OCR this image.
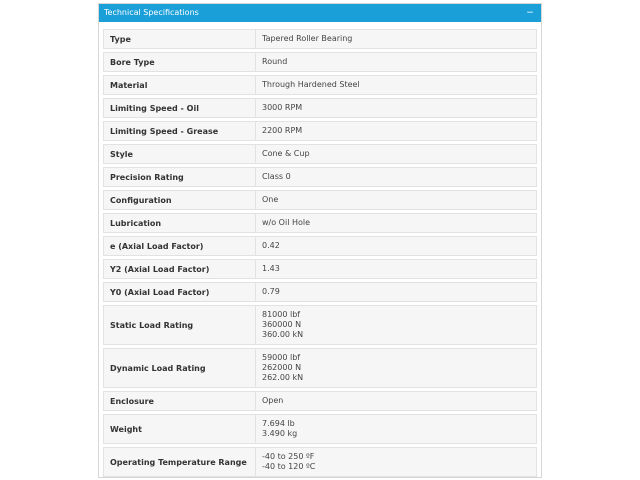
Technical Specifications	−
Type	Tapered Roller Bearing

Bore Type	Round

Material	Through Hardened Steel

Limiting Speed - Oil	3000 RPM

Limiting Speed - Grease	2200 RPM

Style	Cone & Cup

Precision Rating	Class 0

Configuration	One

Lubrication	w/o Oil Hole

e (Axial Load Factor)	0.42

Y2 (Axial Load Factor)	1.43

Y0 (Axial Load Factor)	0.79

Static Load Rating	81000 lbf
360000 N
360.00 kN

Dynamic Load Rating	59000 lbf
262000 N
262.00 kN

Enclosure	Open

Weight	7.694 lb
3.490 kg

Operating Temperature Range	-40 to 250 ºF
-40 to 120 ºC
